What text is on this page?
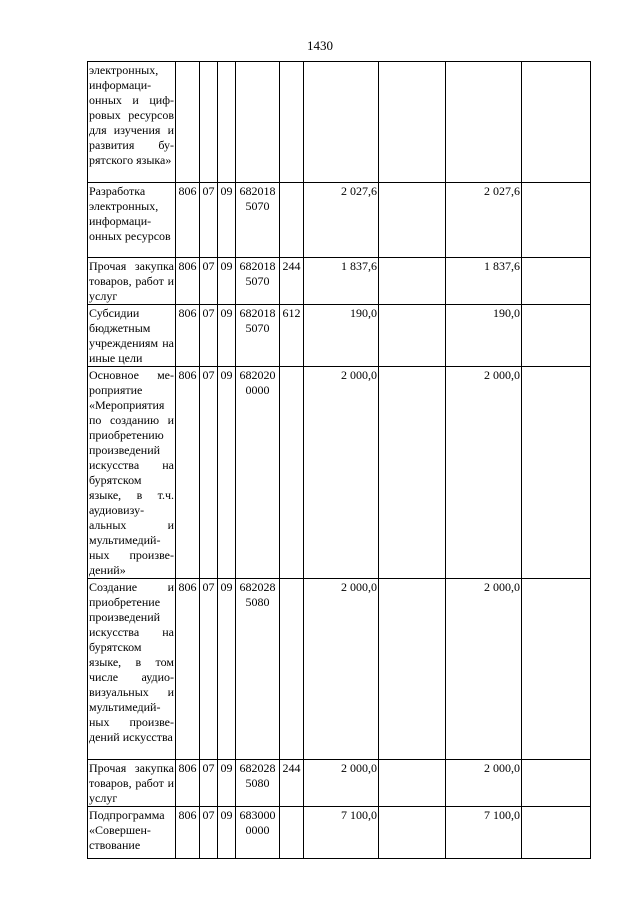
1430
электронных, информационных и цифровых ресурсов для изучения и развития бурятского языка»									
Разработка электронных, информационных ресурсов	806	07	09	682018 5070		2 027,6		2 027,6	
Прочая закупка товаров, работ и услуг	806	07	09	682018 5070	244	1 837,6		1 837,6	
Субсидии бюджетным учреждениям на иные цели	806	07	09	682018 5070	612	190,0		190,0	
Основное мероприятие «Мероприятия по созданию и приобретению произведений искусства на бурятском языке, в т.ч. аудиовизуальных и мультимедийных произведений»	806	07	09	682020 0000		2 000,0		2 000,0	
Создание и приобретение произведений искусства на бурятском языке, в том числе аудиовизуальных и мультимедийных произведений искусства	806	07	09	682028 5080		2 000,0		2 000,0	
Прочая закупка товаров, работ и услуг	806	07	09	682028 5080	244	2 000,0		2 000,0	
Подпрограмма «Совершенствование	806	07	09	683000 0000		7 100,0		7 100,0	
